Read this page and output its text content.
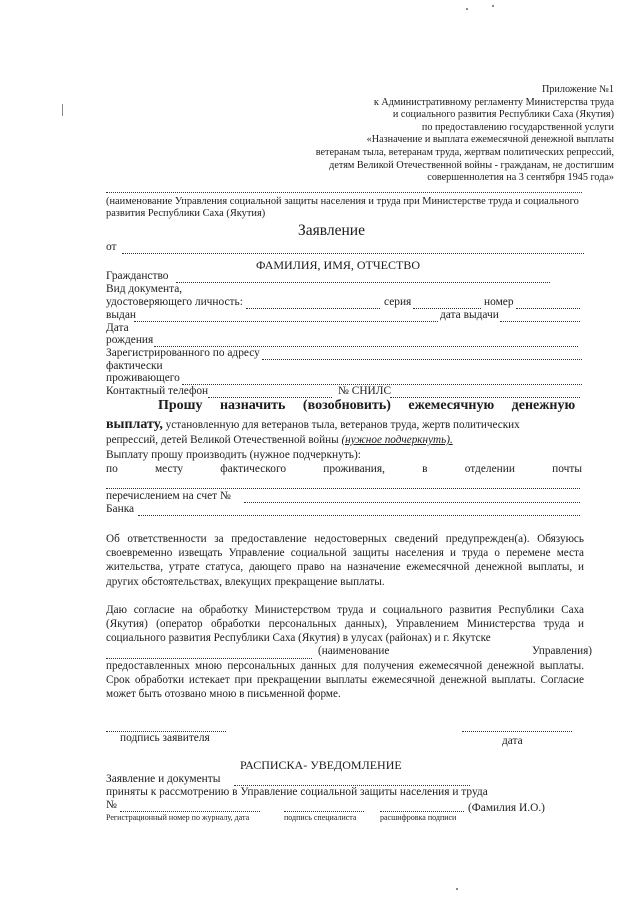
Приложение №1
к Административному регламенту Министерства труда
и социального развития Республики Саха (Якутия)
по предоставлению государственной услуги
«Назначение и выплата ежемесячной денежной выплаты
ветеранам тыла, ветеранам труда, жертвам политических репрессий,
детям Великой Отечественной войны - гражданам, не достигшим
совершеннолетия на 3 сентября 1945 года»
(наименование Управления социальной защиты населения и труда при Министерстве труда и социального развития Республики Саха (Якутия)
Заявление
от
ФАМИЛИЯ, ИМЯ, ОТЧЕСТВО
Гражданство
Вид документа,
удостоверяющего личность:	серия	номер
выдан	дата выдачи
Дата
рождения
Зарегистрированного по адресу
фактически
проживающего
Контактный телефон	№ СНИЛС
Прошу назначить (возобновить) ежемесячную денежную
выплату, установленную для ветеранов тыла, ветеранов труда, жертв политических
репрессий, детей Великой Отечественной войны (нужное подчеркнуть).
Выплату прошу производить (нужное подчеркнуть):
по	месту	фактического	проживания,	в	отделении	почты
перечислением на счет №
Банка
Об ответственности за предоставление недостоверных сведений предупрежден(а). Обязуюсь своевременно извещать Управление социальной защиты населения и труда о перемене места жительства, утрате статуса, дающего право на назначение ежемесячной денежной выплаты, и других обстоятельствах, влекущих прекращение выплаты.
Даю согласие на обработку Министерством труда и социального развития Республики Саха (Якутия) (оператор обработки персональных данных), Управлением Министерства труда и социального развития Республики Саха (Якутия) в улусах (районах) и г. Якутске
(наименование	Управления)
предоставленных мною персональных данных для получения ежемесячной денежной выплаты. Срок обработки истекает при прекращении выплаты ежемесячной денежной выплаты. Согласие может быть отозвано мною в письменной форме.
подпись заявителя	дата
РАСПИСКА- УВЕДОМЛЕНИЕ
Заявление и документы
приняты к рассмотрению в Управление социальной защиты населения и труда
№	(Фамилия И.О.)
Регистрационный номер по журналу, дата	подпись специалиста	расшифровка подписи
